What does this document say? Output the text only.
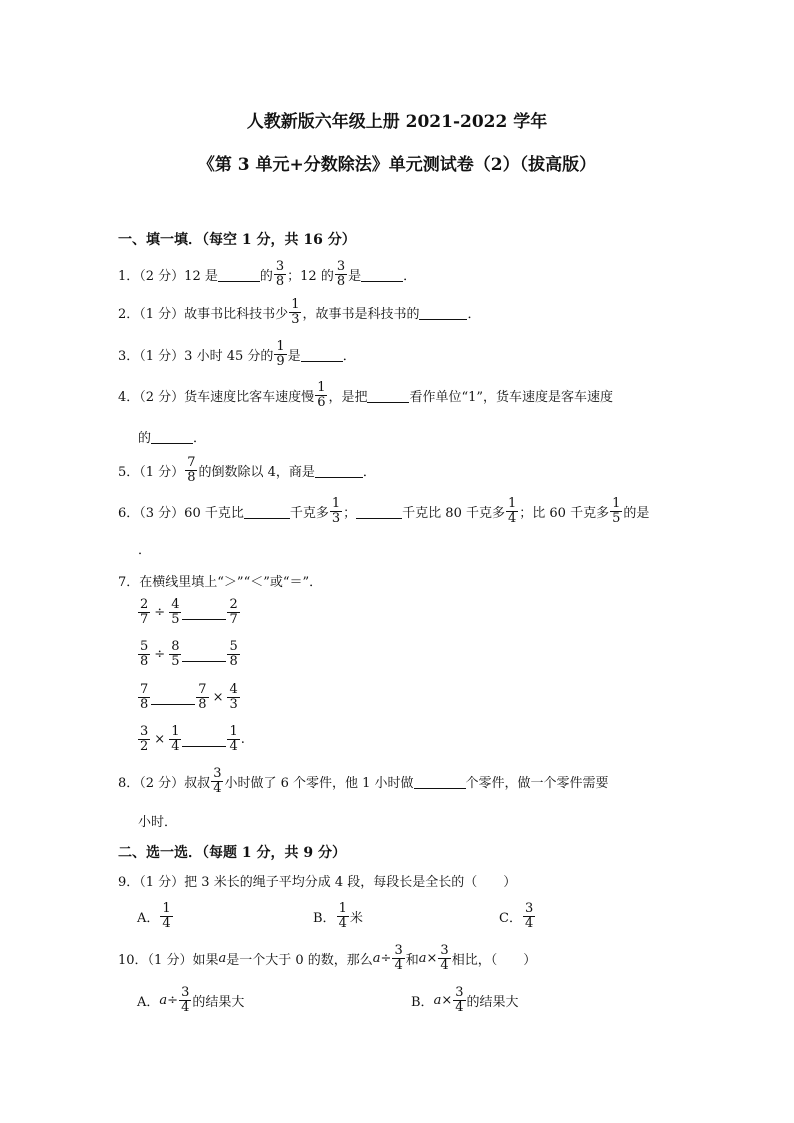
人教新版六年级上册 2021-2022 学年
《第 3 单元+分数除法》单元测试卷（2）（拔高版）
一、填一填．（每空 1 分，共 16 分）
1．（2 分）12 是	的 $\frac{3}{8}$ ；12 的 $\frac{3}{8}$ 是	．
2．（1 分）故事书比科技书少 $\frac{1}{3}$ ，故事书是科技书的	．
3．（1 分）3 小时 45 分的 $\frac{1}{9}$ 是	．
4．（2 分）货车速度比客车速度慢 $\frac{1}{6}$ ，是把	看作单位“1”，货车速度是客车速度
的	．
5．（1 分） $\frac{7}{8}$ 的倒数除以 4，商是	．
6．（3 分）60 千克比	千克多 $\frac{1}{3}$ ；	千克比 80 千克多 $\frac{1}{4}$ ；比 60 千克多 $\frac{1}{5}$ 的是
．
7．在横线里填上“＞”“＜”或“＝”．
$\frac{2}{7} \div \frac{4}{5}$	$\frac{2}{7}$
$\frac{5}{8} \div \frac{8}{5}$	$\frac{5}{8}$
$\frac{7}{8}$	$\frac{7}{8} \times \frac{4}{3}$
$\frac{3}{2} \times \frac{1}{4}$	$\frac{1}{4}$ .
8．（2 分）叔叔 $\frac{3}{4}$ 小时做了 6 个零件，他 1 小时做	个零件，做一个零件需要
小时．
二、选一选．（每题 1 分，共 9 分）
9．（1 分）把 3 米长的绳子平均分成 4 段，每段长是全长的（　　）
A． $\frac{1}{4}$	B． $\frac{1}{4}$ 米	C． $\frac{3}{4}$
10．（1 分）如果 a 是一个大于 0 的数，那么 $a \div \frac{3}{4}$ 和 $a \times \frac{3}{4}$ 相比，（　　）
A． $a \div \frac{3}{4}$ 的结果大	B． $a \times \frac{3}{4}$ 的结果大
